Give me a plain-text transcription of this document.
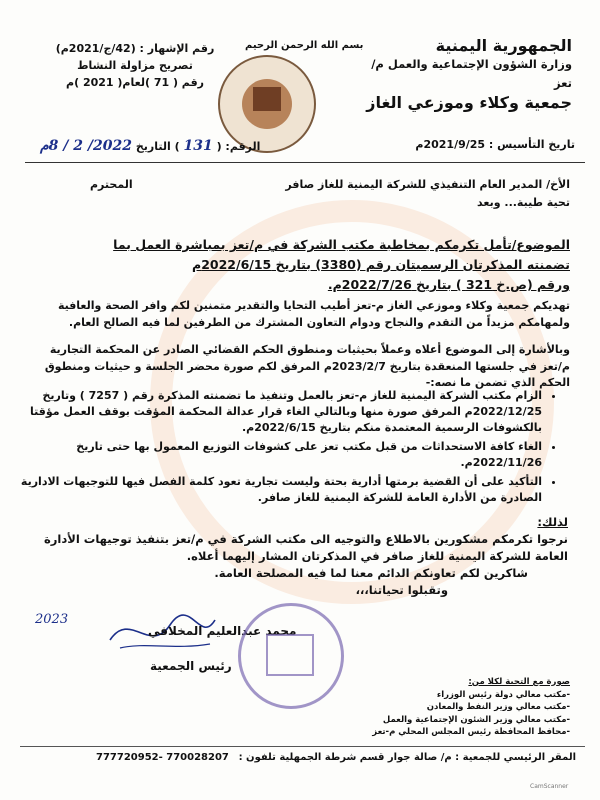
بسم الله الرحمن الرحيم	الجمهورية اليمنية
وزارة الشؤون الإجتماعية والعمل م/تعز
جمعية وكلاء وموزعي الغاز
رقم الإشهار : (42/ج/2021م)
تصريح مزاولة النشاط
رقم ( 71 )لعام( 2021 )م
تاريخ التأسيس : 2021/9/25م
الرقم: ( 131 ) التاريخ 2022/ 2 / 8م
الأخ/ المدير العام التنفيذي للشركة اليمنية للغاز صافر
تحية طيبة... وبعد
المحترم
الموضوع/تأمل تكرمكم بمخاطبة مكتب الشركة في م/تعز بمباشرة العمل بما
تضمنته المذكرتان الرسميتان رقم (3380) بتاريخ 2022/6/15م
ورقم (ص.خ 321 ) بتاريخ 2022/7/26م.
تهديكم جمعية وكلاء وموزعي الغاز م-تعز أطيب التحايا والتقدير متمنين لكم وافر الصحة والعافية ولمهامكم مزيداً من التقدم والنجاح ودوام التعاون المشترك من الطرفين لما فيه الصالح العام.
وبالأشارة إلى الموضوع أعلاه وعملاً بحيثيات ومنطوق الحكم القضائي الصادر عن المحكمة التجارية م/تعز في جلستها المنعقدة بتاريخ 2023/2/7م المرفق لكم صورة محضر الجلسة و حيثيات ومنطوق الحكم الذي تضمن ما نصه:-
• الزام مكتب الشركة اليمنية للغاز م-تعز بالعمل وتنفيذ ما تضمنته المذكرة رقم ( 7257 ) وتاريخ 2022/12/25م المرفق صورة منها وبالتالي الغاء قرار عدالة المحكمة المؤقت بوقف العمل مؤقتا بالكشوفات الرسمية المعتمدة منكم بتاريخ 2022/6/15م.
• الغاء كافة الاستحداثات من قبل مكتب تعز على كشوفات التوزيع المعمول بها حتى تاريخ 2022/11/26م.
• التأكيد على أن القضية برمتها أدارية بحتة وليست تجارية تعود كلمة الفصل فيها للتوجيهات الادارية الصادرة من الأدارة العامة للشركة اليمنية للغاز صافر.
لذلك:
نرجوا تكرمكم مشكورين بالاطلاع والتوجيه الى مكتب الشركة في م/تعز بتنفيذ توجيهات الأدارة العامة للشركة اليمنية للغاز صافر في المذكرتان المشار إليهما أعلاه.
شاكرين لكم تعاونكم الدائم معنا لما فيه المصلحة العامة.
وتقبلوا تحياتنا،،،
2023
محمد عبدالعليم المخلافي
رئيس الجمعية
صورة مع التحية لكلا من:
-مكتب معالي دولة رئيس الوزراء
-مكتب معالي وزير النفط والمعادن
-مكتب معالي وزير الشئون الإجتماعية والعمل
-محافظ المحافظة رئيس المجلس المحلي م-تعز
المقر الرئيسي للجمعية : م/ صالة جوار قسم شرطة الجمهلية تلفون :
777720952- 770028207
CamScanner
